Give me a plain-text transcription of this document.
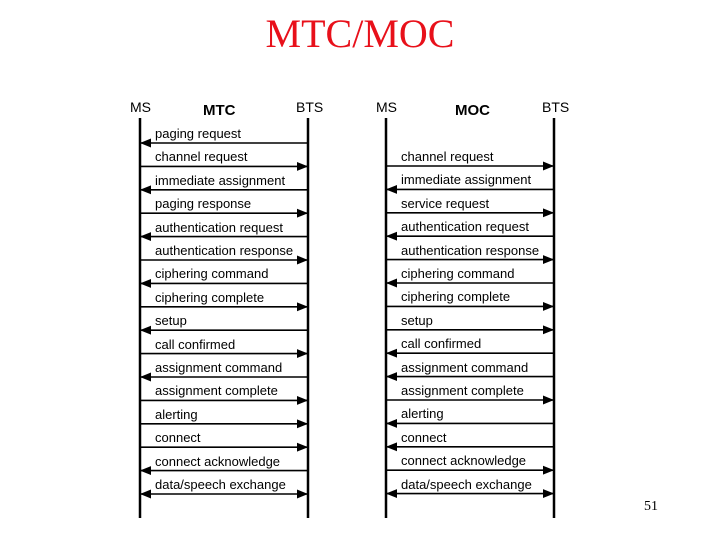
MTC/MOC
MS	MTC	BTS	MS	MOC	BTS
paging request
channel request
immediate assignment
paging response
authentication request
authentication response
ciphering command
ciphering complete
setup
call confirmed
assignment command
assignment complete
alerting
connect
connect acknowledge
data/speech exchange
channel request
immediate assignment
service request
authentication request
authentication response
ciphering command
ciphering complete
setup
call confirmed
assignment command
assignment complete
alerting
connect
connect acknowledge
data/speech exchange
51
